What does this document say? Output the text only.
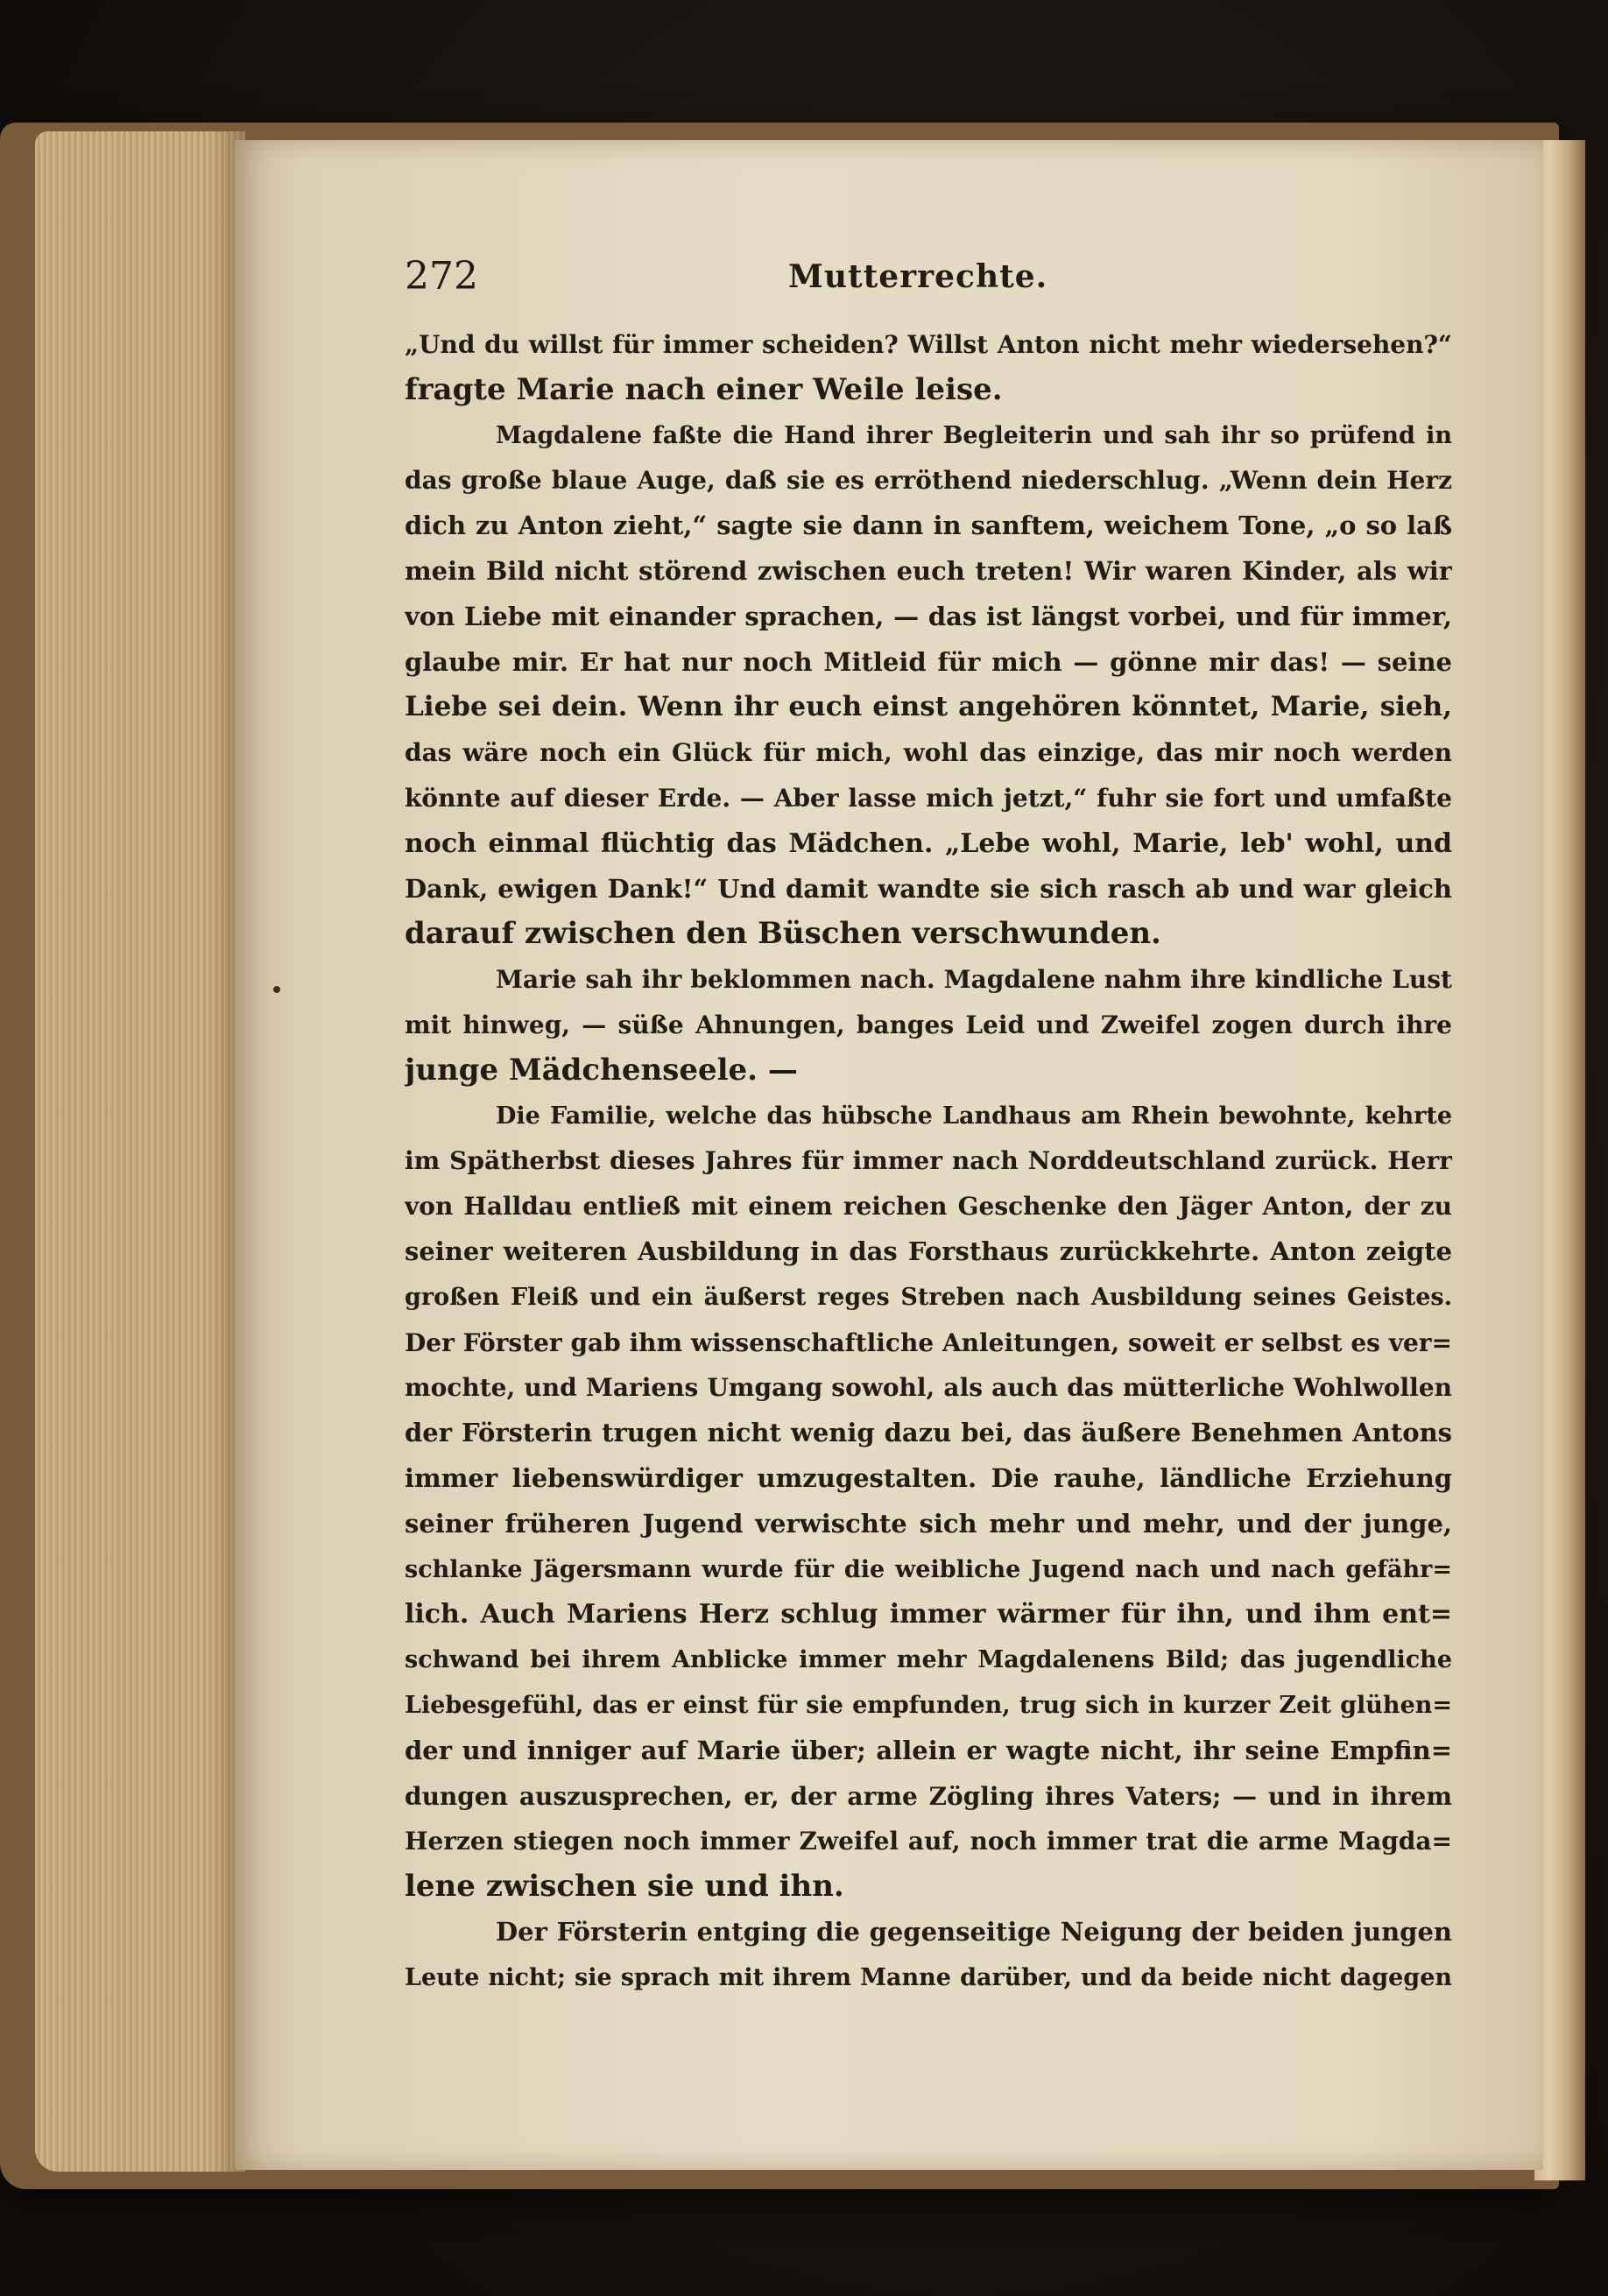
272	Mutterrechte.
„Und du willst für immer scheiden? Willst Anton nicht mehr wiedersehen?“
fragte Marie nach einer Weile leise.
Magdalene faßte die Hand ihrer Begleiterin und sah ihr so prüfend in
das große blaue Auge, daß sie es erröthend niederschlug. „Wenn dein Herz
dich zu Anton zieht,“ sagte sie dann in sanftem, weichem Tone, „o so laß
mein Bild nicht störend zwischen euch treten! Wir waren Kinder, als wir
von Liebe mit einander sprachen, — das ist längst vorbei, und für immer,
glaube mir. Er hat nur noch Mitleid für mich — gönne mir das! — seine
Liebe sei dein. Wenn ihr euch einst angehören könntet, Marie, sieh,
das wäre noch ein Glück für mich, wohl das einzige, das mir noch werden
könnte auf dieser Erde. — Aber lasse mich jetzt,“ fuhr sie fort und umfaßte
noch einmal flüchtig das Mädchen. „Lebe wohl, Marie, leb' wohl, und
Dank, ewigen Dank!“ Und damit wandte sie sich rasch ab und war gleich
darauf zwischen den Büschen verschwunden.
Marie sah ihr beklommen nach. Magdalene nahm ihre kindliche Lust
mit hinweg, — süße Ahnungen, banges Leid und Zweifel zogen durch ihre
junge Mädchenseele. —
Die Familie, welche das hübsche Landhaus am Rhein bewohnte, kehrte
im Spätherbst dieses Jahres für immer nach Norddeutschland zurück. Herr
von Halldau entließ mit einem reichen Geschenke den Jäger Anton, der zu
seiner weiteren Ausbildung in das Forsthaus zurückkehrte. Anton zeigte
großen Fleiß und ein äußerst reges Streben nach Ausbildung seines Geistes.
Der Förster gab ihm wissenschaftliche Anleitungen, soweit er selbst es ver=
mochte, und Mariens Umgang sowohl, als auch das mütterliche Wohlwollen
der Försterin trugen nicht wenig dazu bei, das äußere Benehmen Antons
immer liebenswürdiger umzugestalten. Die rauhe, ländliche Erziehung
seiner früheren Jugend verwischte sich mehr und mehr, und der junge,
schlanke Jägersmann wurde für die weibliche Jugend nach und nach gefähr=
lich. Auch Mariens Herz schlug immer wärmer für ihn, und ihm ent=
schwand bei ihrem Anblicke immer mehr Magdalenens Bild; das jugendliche
Liebesgefühl, das er einst für sie empfunden, trug sich in kurzer Zeit glühen=
der und inniger auf Marie über; allein er wagte nicht, ihr seine Empfin=
dungen auszusprechen, er, der arme Zögling ihres Vaters; — und in ihrem
Herzen stiegen noch immer Zweifel auf, noch immer trat die arme Magda=
lene zwischen sie und ihn.
Der Försterin entging die gegenseitige Neigung der beiden jungen
Leute nicht; sie sprach mit ihrem Manne darüber, und da beide nicht dagegen
